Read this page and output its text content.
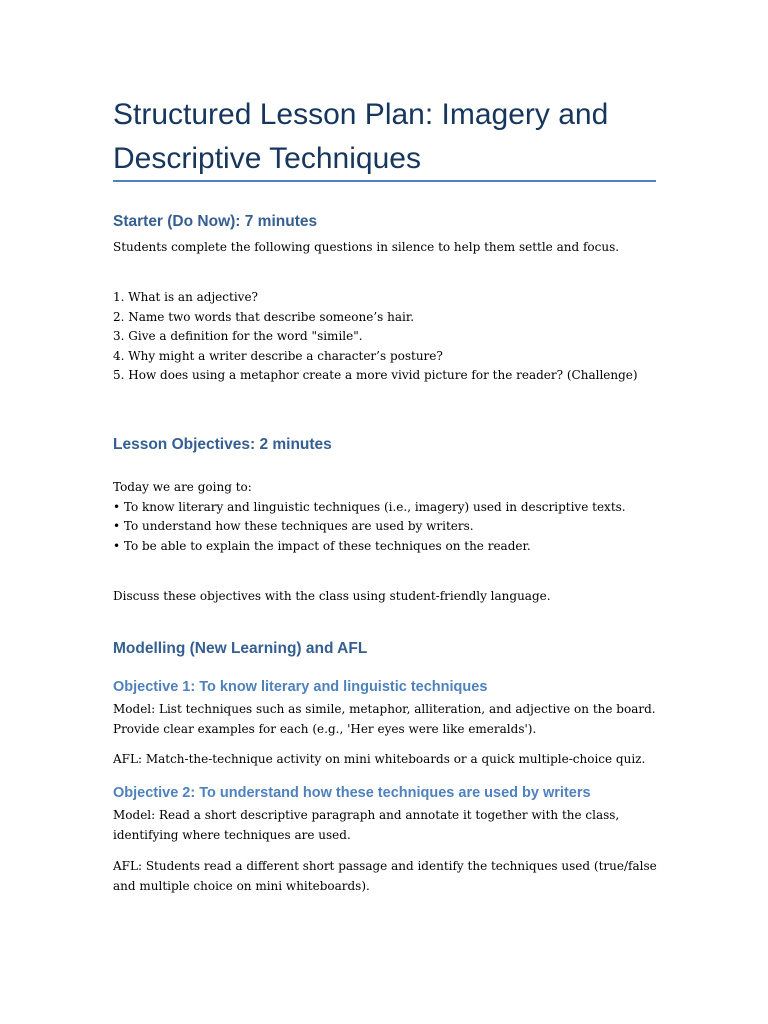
Structured Lesson Plan: Imagery and Descriptive Techniques
Starter (Do Now): 7 minutes

Students complete the following questions in silence to help them settle and focus.

1. What is an adjective?
2. Name two words that describe someone’s hair.
3. Give a definition for the word "simile".
4. Why might a writer describe a character’s posture?
5. How does using a metaphor create a more vivid picture for the reader? (Challenge)
Lesson Objectives: 2 minutes
Today we are going to:
• To know literary and linguistic techniques (i.e., imagery) used in descriptive texts.
• To understand how these techniques are used by writers.
• To be able to explain the impact of these techniques on the reader.

Discuss these objectives with the class using student-friendly language.

Modelling (New Learning) and AFL
Objective 1: To know literary and linguistic techniques
Model: List techniques such as simile, metaphor, alliteration, and adjective on the board.
Provide clear examples for each (e.g., 'Her eyes were like emeralds').

AFL: Match-the-technique activity on mini whiteboards or a quick multiple-choice quiz.

Objective 2: To understand how these techniques are used by writers
Model: Read a short descriptive paragraph and annotate it together with the class,
identifying where techniques are used.
AFL: Students read a different short passage and identify the techniques used (true/false
and multiple choice on mini whiteboards).
